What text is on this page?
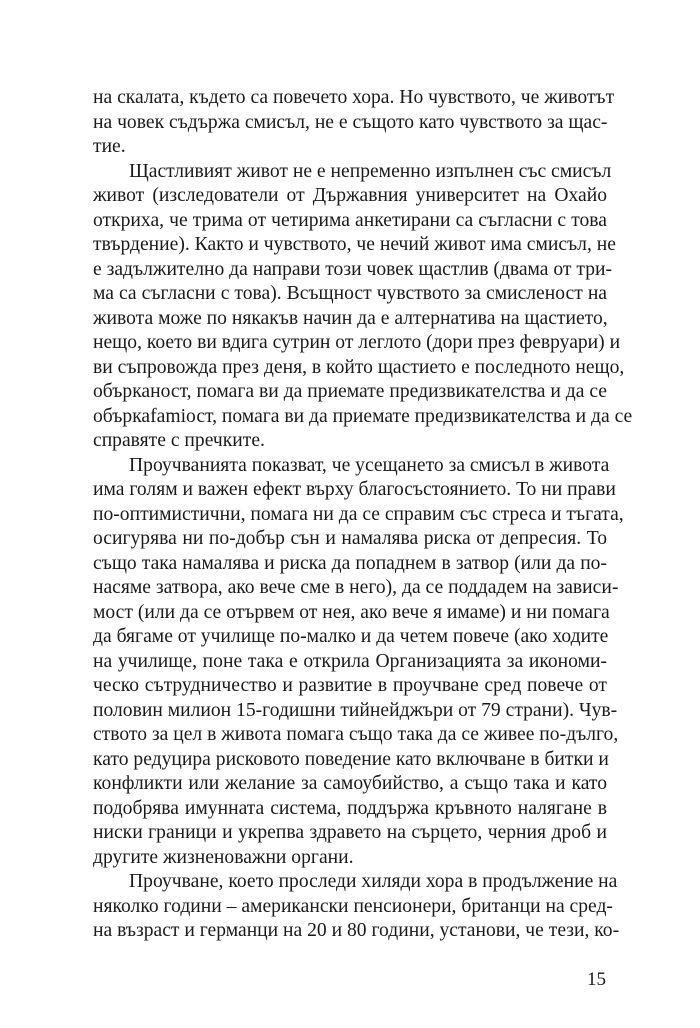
на скалата, където са повечето хора. Но чувството, че животът
на човек съдържа смисъл, не е същото като чувството за щас-
тие.
Щастливият живот не е непременно изпълнен със смисъл
живот (изследователи от Държавния университет на Охайо
откриха, че трима от четирима анкетирани са съгласни с това
твърдение). Както и чувството, че нечий живот има смисъл, не
е задължително да направи този човек щастлив (двама от три-
ма са съгласни с това). Всъщност чувството за смисленост на
живота може по някакъв начин да е алтернатива на щастието,
нещо, което ви вдига сутрин от леглото (дори през февруари) и
ви съпровожда през деня, в който щастието е последното нещо,
обърканост, помага ви да приемате предизвикателства и да се
объркаfamiост, помага ви да приемате предизвикателства и да се
справяте с пречките.
Проучванията показват, че усещането за смисъл в живота
има голям и важен ефект върху благосъстоянието. То ни прави
по-оптимистични, помага ни да се справим със стреса и тъгата,
осигурява ни по-добър сън и намалява риска от депресия. То
също така намалява и риска да попаднем в затвор (или да по-
насяме затвора, ако вече сме в него), да се поддадем на зависи-
мост (или да се отървем от нея, ако вече я имаме) и ни помага
да бягаме от училище по-малко и да четем повече (ако ходите
на училище, поне така е открила Организацията за икономи-
ческо сътрудничество и развитие в проучване сред повече от
половин милион 15-годишни тийнейджъри от 79 страни). Чув-
ството за цел в живота помага също така да се живее по-дълго,
като редуцира рисковото поведение като включване в битки и
конфликти или желание за самоубийство, а също така и като
подобрява имунната система, поддържа кръвното налягане в
ниски граници и укрепва здравето на сърцето, черния дроб и
другите жизненоважни органи.
Проучване, което проследи хиляди хора в продължение на
няколко години – американски пенсионери, британци на сред-
на възраст и германци на 20 и 80 години, установи, че тези, ко-
15
